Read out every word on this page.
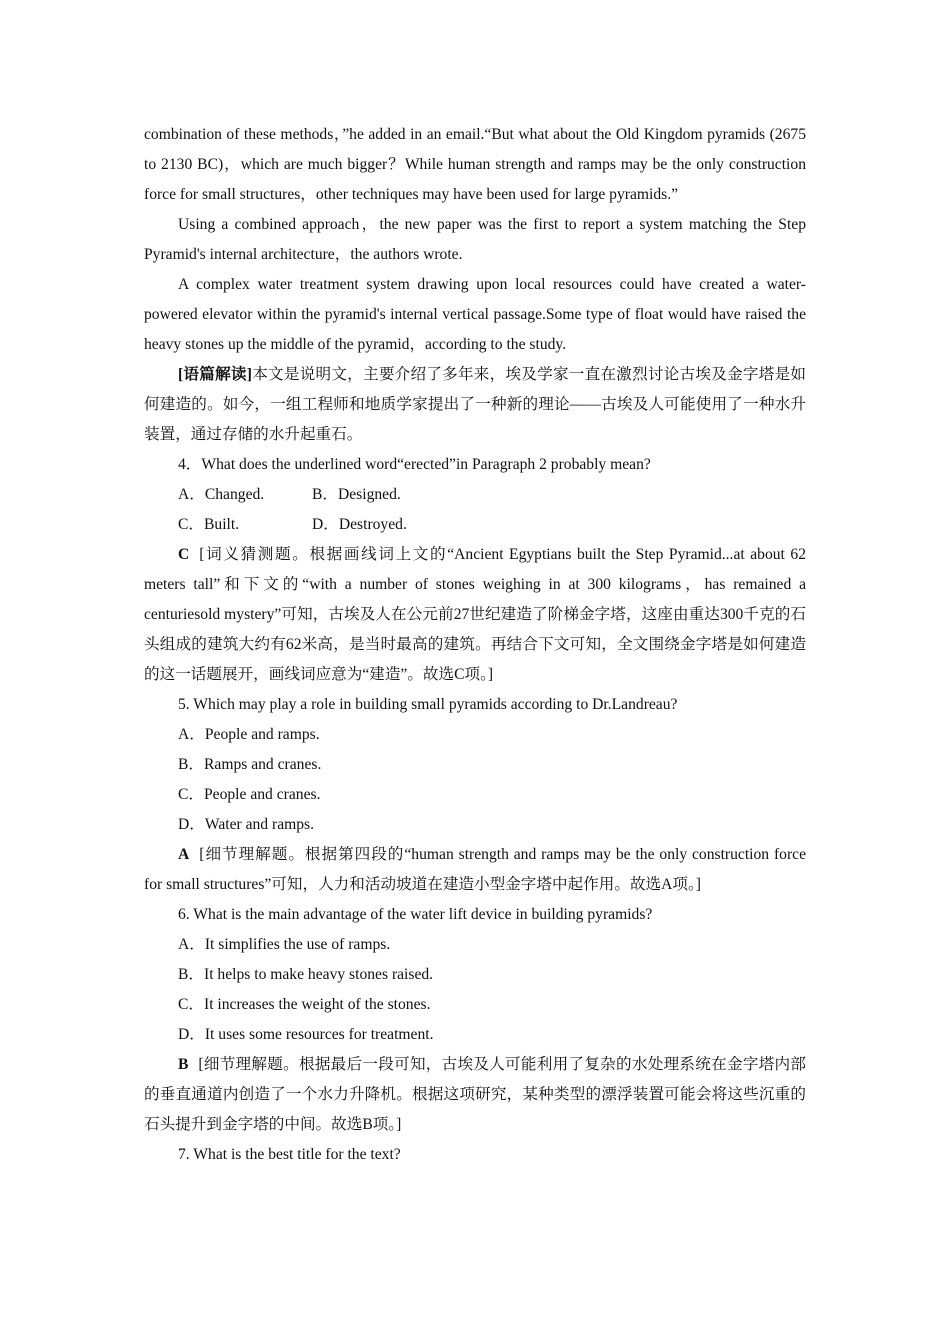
combination of these methods，”he added in an email.“But what about the Old Kingdom pyramids (2675 to 2130 BC)，which are much bigger？While human strength and ramps may be the only construction force for small structures，other techniques may have been used for large pyramids.”

Using a combined approach，the new paper was the first to report a system matching the Step Pyramid's internal architecture，the authors wrote.

A complex water treatment system drawing upon local resources could have created a water-powered elevator within the pyramid's internal vertical passage.Some type of float would have raised the heavy stones up the middle of the pyramid，according to the study.

[语篇解读]本文是说明文，主要介绍了多年来，埃及学家一直在激烈讨论古埃及金字塔是如何建造的。如今，一组工程师和地质学家提出了一种新的理论——古埃及人可能使用了一种水升装置，通过存储的水升起重石。

4．What does the underlined word“erected”in Paragraph 2 probably mean?

A．Changed.	B．Designed.
C．Built.	D．Destroyed.

C [词义猜测题。根据画线词上文的“Ancient Egyptians built the Step Pyramid...at about 62 meters tall”和下文的“with a number of stones weighing in at 300 kilograms，has remained a centuriesold mystery”可知，古埃及人在公元前27世纪建造了阶梯金字塔，这座由重达300千克的石头组成的建筑大约有62米高，是当时最高的建筑。再结合下文可知，全文围绕金字塔是如何建造的这一话题展开，画线词应意为“建造”。故选C项。]

5. Which may play a role in building small pyramids according to Dr.Landreau?

A．People and ramps.

B．Ramps and cranes.

C．People and cranes.

D．Water and ramps.

A [细节理解题。根据第四段的“human strength and ramps may be the only construction force for small structures”可知，人力和活动坡道在建造小型金字塔中起作用。故选A项。]

6. What is the main advantage of the water lift device in building pyramids?

A．It simplifies the use of ramps.

B．It helps to make heavy stones raised.

C．It increases the weight of the stones.

D．It uses some resources for treatment.

B [细节理解题。根据最后一段可知，古埃及人可能利用了复杂的水处理系统在金字塔内部的垂直通道内创造了一个水力升降机。根据这项研究，某种类型的漂浮装置可能会将这些沉重的石头提升到金字塔的中间。故选B项。]

7. What is the best title for the text?
